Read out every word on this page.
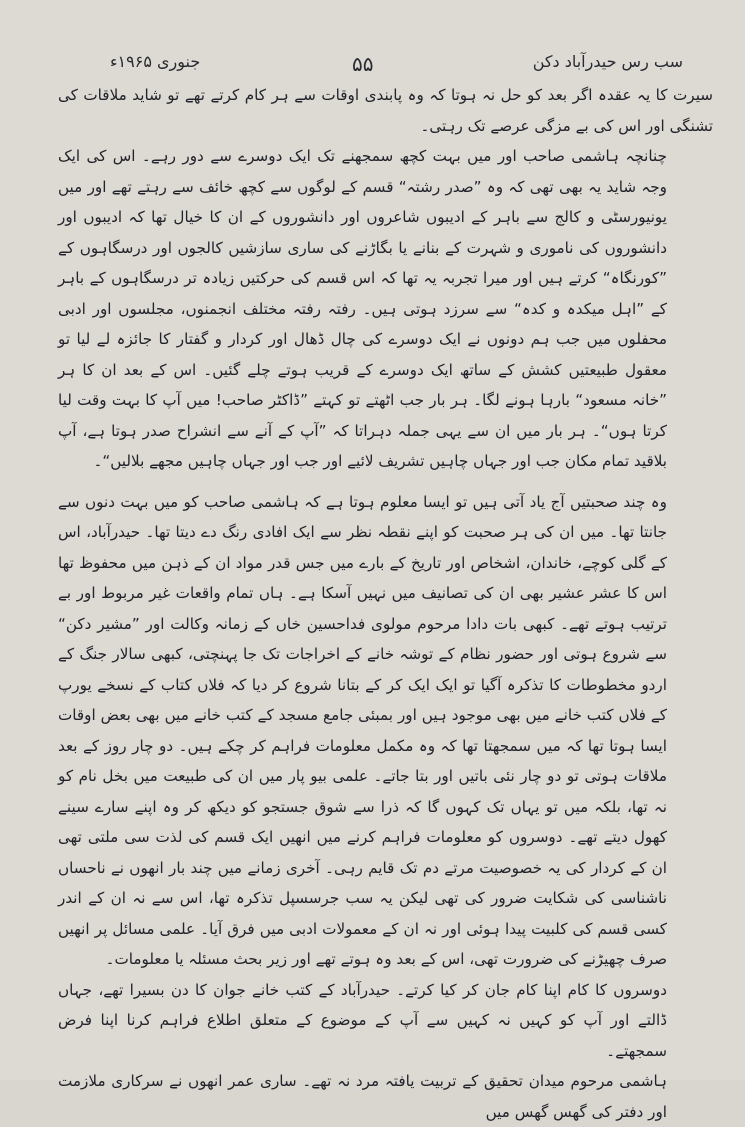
سب رس حیدرآباد دکن
۵۵
جنوری ۱۹۶۵ء

سیرت کا یہ عقدہ اگر بعد کو حل نہ ہوتا کہ وہ پابندی اوقات سے ہر کام کرتے تھے تو شاید ملاقات کی تشنگی اور اس کی بے مزگی عرصے تک رہتی۔

چنانچہ ہاشمی صاحب اور میں بہت کچھ سمجھنے تک ایک دوسرے سے دور رہے۔ اس کی ایک وجہ شاید یہ بھی تھی کہ وہ ”صدر رشتہ“ قسم کے لوگوں سے کچھ خائف سے رہتے تھے اور میں یونیورسٹی و کالج سے باہر کے ادیبوں شاعروں اور دانشوروں کے ان کا خیال تھا کہ ادیبوں اور دانشوروں کی ناموری و شہرت کے بنانے یا بگاڑنے کی ساری سازشیں کالجوں اور درسگاہوں کے ”کورنگاہ“ کرتے ہیں اور میرا تجربہ یہ تھا کہ اس قسم کی حرکتیں زیادہ تر درسگاہوں کے باہر کے ”اہل میکدہ و کدہ“ سے سرزد ہوتی ہیں۔ رفتہ رفتہ مختلف انجمنوں، مجلسوں اور ادبی محفلوں میں جب ہم دونوں نے ایک دوسرے کی چال ڈھال اور کردار و گفتار کا جائزہ لے لیا تو معقول طبیعتیں کشش کے ساتھ ایک دوسرے کے قریب ہوتے چلے گئیں۔ اس کے بعد ان کا ہر ”خانہ مسعود“ بارہا ہونے لگا۔ ہر بار جب اٹھتے تو کہتے ”ڈاکٹر صاحب! میں آپ کا بہت وقت لیا کرتا ہوں“۔ ہر بار میں ان سے یہی جملہ دہراتا کہ ”آپ کے آنے سے انشراح صدر ہوتا ہے، آپ بلاقید تمام مکان جب اور جہاں چاہیں تشریف لائیے اور جب اور جہاں چاہیں مجھے بلالیں“۔

وہ چند صحبتیں آج یاد آتی ہیں تو ایسا معلوم ہوتا ہے کہ ہاشمی صاحب کو میں بہت دنوں سے جانتا تھا۔ میں ان کی ہر صحبت کو اپنے نقطہ نظر سے ایک افادی رنگ دے دیتا تھا۔ حیدرآباد، اس کے گلی کوچے، خاندان، اشخاص اور تاریخ کے بارے میں جس قدر مواد ان کے ذہن میں محفوظ تھا اس کا عشر عشیر بھی ان کی تصانیف میں نہیں آسکا ہے۔ ہاں تمام واقعات غیر مربوط اور بے ترتیب ہوتے تھے۔ کبھی بات دادا مرحوم مولوی فداحسین خاں کے زمانہ وکالت اور ”مشیر دکن“ سے شروع ہوتی اور حضور نظام کے توشہ خانے کے اخراجات تک جا پہنچتی، کبھی سالار جنگ کے اردو مخطوطات کا تذکرہ آگیا تو ایک ایک کر کے بتانا شروع کر دیا کہ فلاں کتاب کے نسخے یورپ کے فلاں کتب خانے میں بھی موجود ہیں اور بمبئی جامع مسجد کے کتب خانے میں بھی بعض اوقات ایسا ہوتا تھا کہ میں سمجھتا تھا کہ وہ مکمل معلومات فراہم کر چکے ہیں۔ دو چار روز کے بعد ملاقات ہوتی تو دو چار نئی باتیں اور بتا جاتے۔ علمی بیو پار میں ان کی طبیعت میں بخل نام کو نہ تھا، بلکہ میں تو یہاں تک کہوں گا کہ ذرا سے شوق جستجو کو دیکھ کر وہ اپنے سارے سینے کھول دیتے تھے۔ دوسروں کو معلومات فراہم کرنے میں انھیں ایک قسم کی لذت سی ملتی تھی ان کے کردار کی یہ خصوصیت مرتے دم تک قایم رہی۔ آخری زمانے میں چند بار انھوں نے ناحساں ناشناسی کی شکایت ضرور کی تھی لیکن یہ سب جرسسپل تذکرہ تھا، اس سے نہ ان کے اندر کسی قسم کی کلبیت پیدا ہوئی اور نہ ان کے معمولات ادبی میں فرق آیا۔ علمی مسائل پر انھیں صرف چھیڑنے کی ضرورت تھی، اس کے بعد وہ ہوتے تھے اور زیر بحث مسئلہ یا معلومات۔

دوسروں کا کام اپنا کام جان کر کیا کرتے۔ حیدرآباد کے کتب خانے جوان کا دن بسیرا تھے، جہاں ڈالتے اور آپ کو کہیں نہ کہیں سے آپ کے موضوع کے متعلق اطلاع فراہم کرنا اپنا فرض سمجھتے۔

ہاشمی مرحوم میدان تحقیق کے تربیت یافتہ مرد نہ تھے۔ ساری عمر انھوں نے سرکاری ملازمت اور دفتر کی گھس گھس میں
